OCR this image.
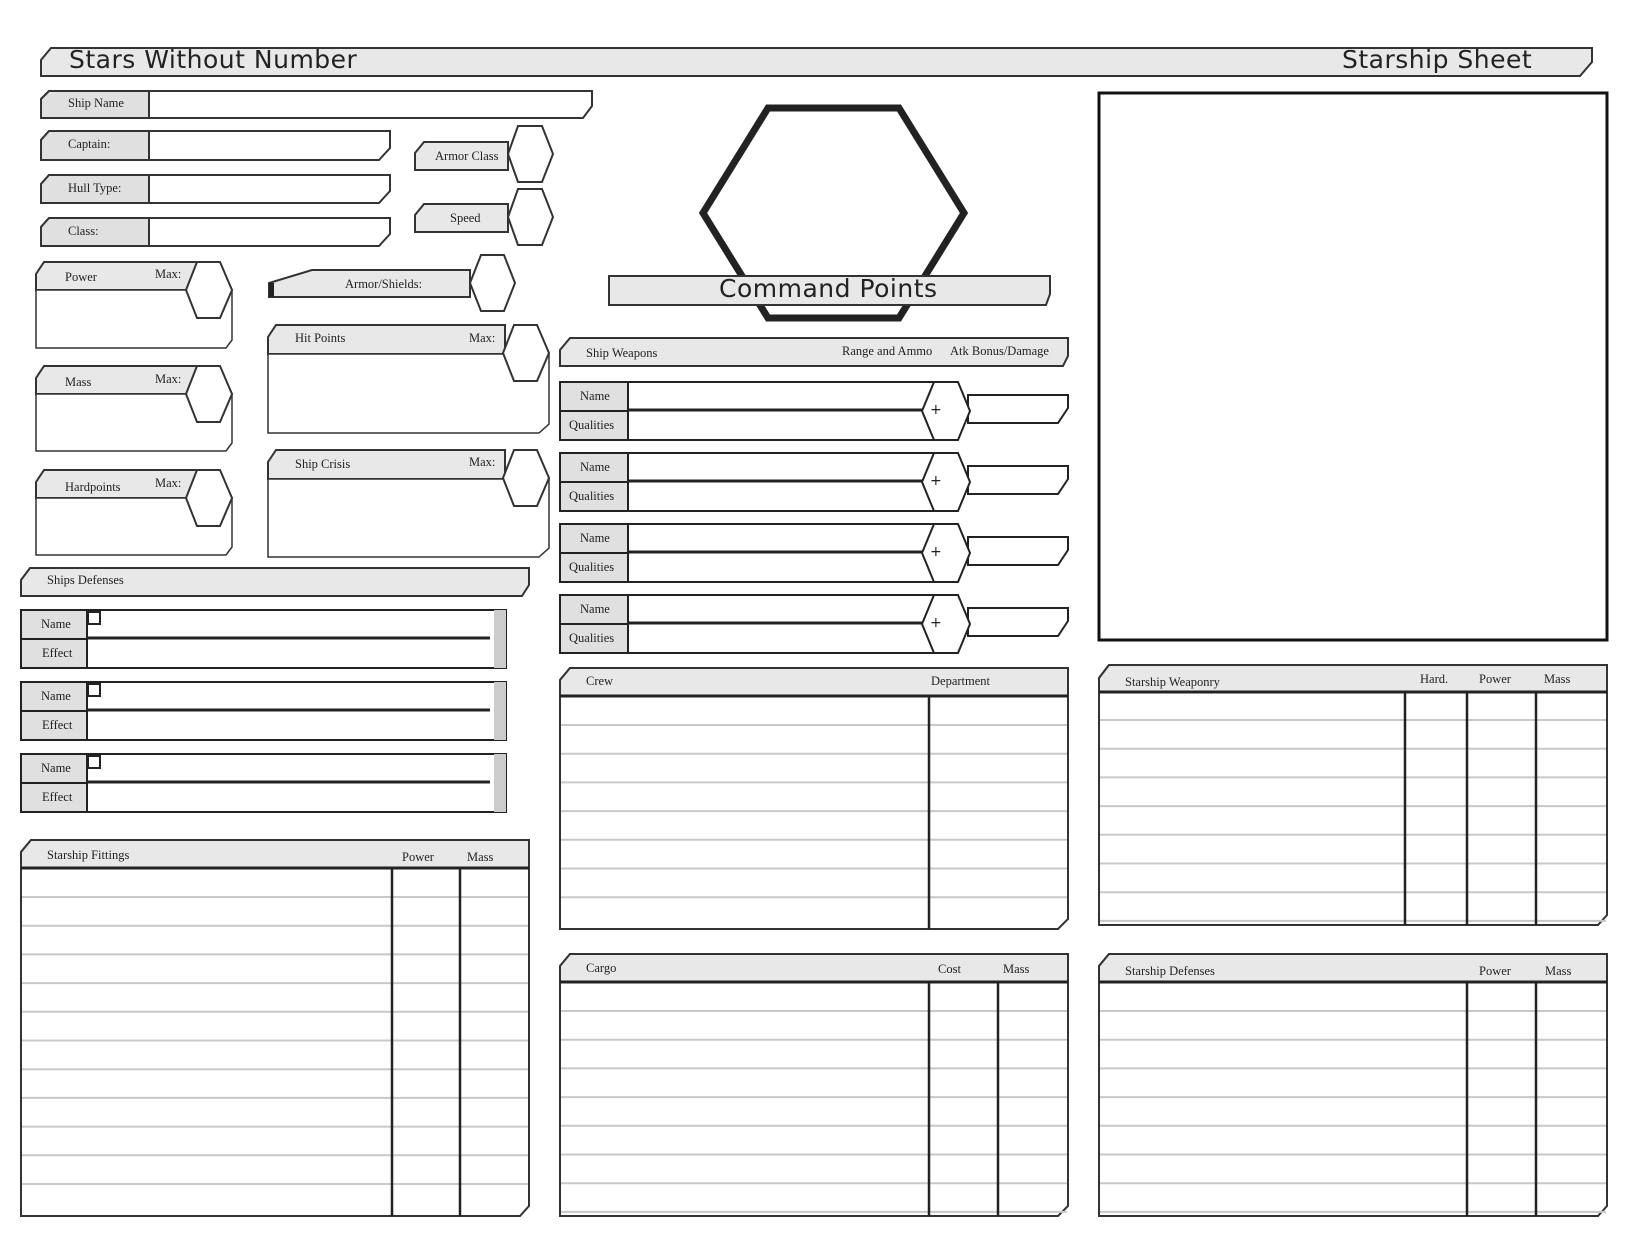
Stars Without Number	Starship Sheet
Ship Name
Captain:
Hull Type:
Class:
Armor Class
Speed
Armor/Shields:
Power	Max:
Mass	Max:
Hardpoints	Max:
Hit Points	Max:
Ship Crisis	Max:
Command Points
Ship Weapons	Range and Ammo Atk Bonus/Damage
Ships Defenses
Starship Fittings	Power	Mass
Crew	Department
Cargo	Cost	Mass
Starship Weaponry	Hard. Power	Mass
Starship Defenses	Power	Mass
Name
Qualities
+
Name
Qualities
+
Name
Qualities
+
Name
Qualities
+
Name
Effect
Name
Effect
Name
Effect
